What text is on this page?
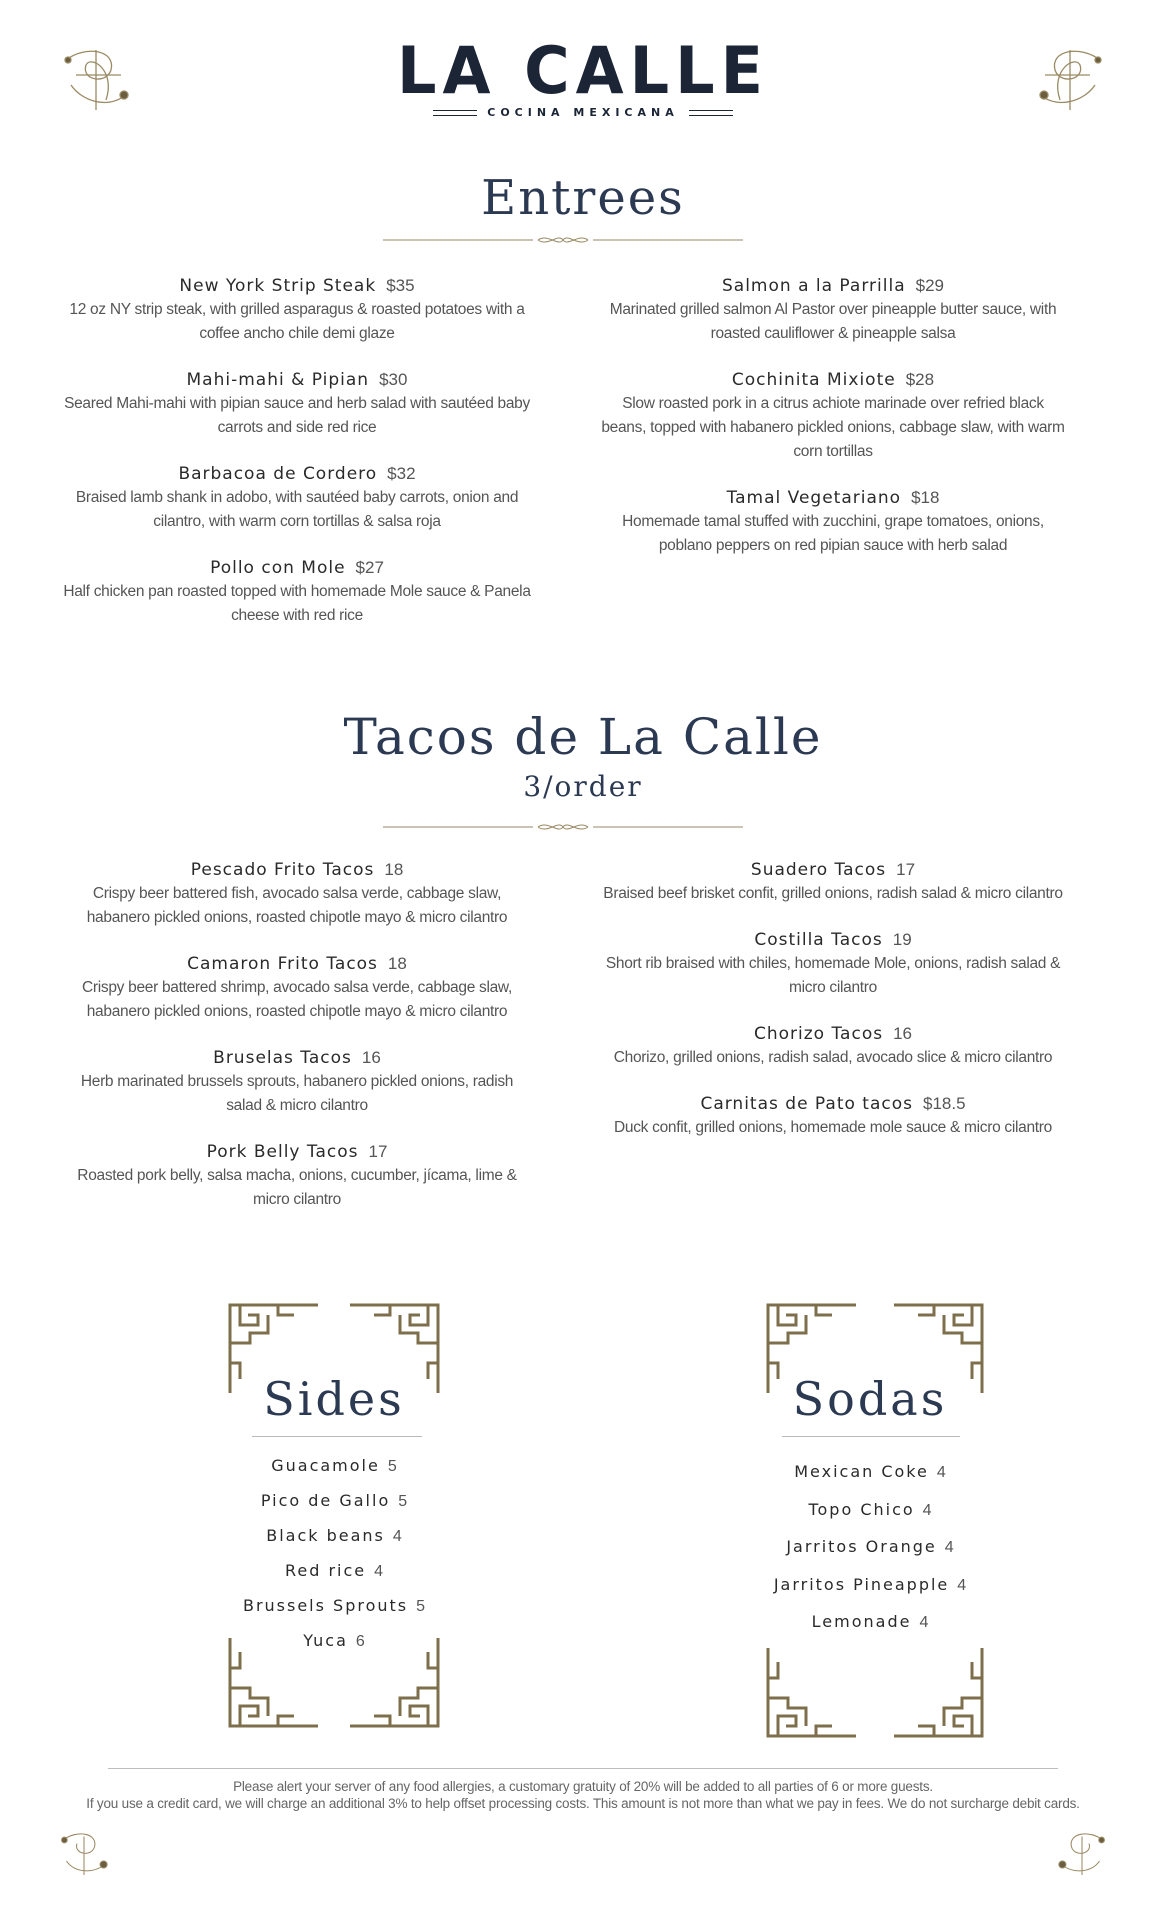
LA CALLE
COCINA MEXICANA
Entrees
New York Strip Steak $35
12 oz NY strip steak, with grilled asparagus & roasted potatoes with a coffee ancho chile demi glaze
Mahi-mahi & Pipian $30
Seared Mahi-mahi with pipian sauce and herb salad with sautéed baby carrots and side red rice
Barbacoa de Cordero $32
Braised lamb shank in adobo, with sautéed baby carrots, onion and cilantro, with warm corn tortillas & salsa roja
Pollo con Mole $27
Half chicken pan roasted topped with homemade Mole sauce & Panela cheese with red rice
Salmon a la Parrilla $29
Marinated grilled salmon Al Pastor over pineapple butter sauce, with roasted cauliflower & pineapple salsa
Cochinita Mixiote $28
Slow roasted pork in a citrus achiote marinade over refried black beans, topped with habanero pickled onions, cabbage slaw, with warm corn tortillas
Tamal Vegetariano $18
Homemade tamal stuffed with zucchini, grape tomatoes, onions, poblano peppers on red pipian sauce with herb salad
Tacos de La Calle
3/order
Pescado Frito Tacos 18
Crispy beer battered fish, avocado salsa verde, cabbage slaw, habanero pickled onions, roasted chipotle mayo & micro cilantro
Camaron Frito Tacos 18
Crispy beer battered shrimp, avocado salsa verde, cabbage slaw, habanero pickled onions, roasted chipotle mayo & micro cilantro
Bruselas Tacos 16
Herb marinated brussels sprouts, habanero pickled onions, radish salad & micro cilantro
Pork Belly Tacos 17
Roasted pork belly, salsa macha, onions, cucumber, jícama, lime & micro cilantro
Suadero Tacos 17
Braised beef brisket confit, grilled onions, radish salad & micro cilantro
Costilla Tacos 19
Short rib braised with chiles, homemade Mole, onions, radish salad & micro cilantro
Chorizo Tacos 16
Chorizo, grilled onions, radish salad, avocado slice & micro cilantro
Carnitas de Pato tacos $18.5
Duck confit, grilled onions, homemade mole sauce & micro cilantro
Sides
Guacamole 5
Pico de Gallo 5
Black beans 4
Red rice 4
Brussels Sprouts 5
Yuca 6
Sodas
Mexican Coke 4
Topo Chico 4
Jarritos Orange 4
Jarritos Pineapple 4
Lemonade 4
Please alert your server of any food allergies, a customary gratuity of 20% will be added to all parties of 6 or more guests.
If you use a credit card, we will charge an additional 3% to help offset processing costs. This amount is not more than what we pay in fees. We do not surcharge debit cards.
